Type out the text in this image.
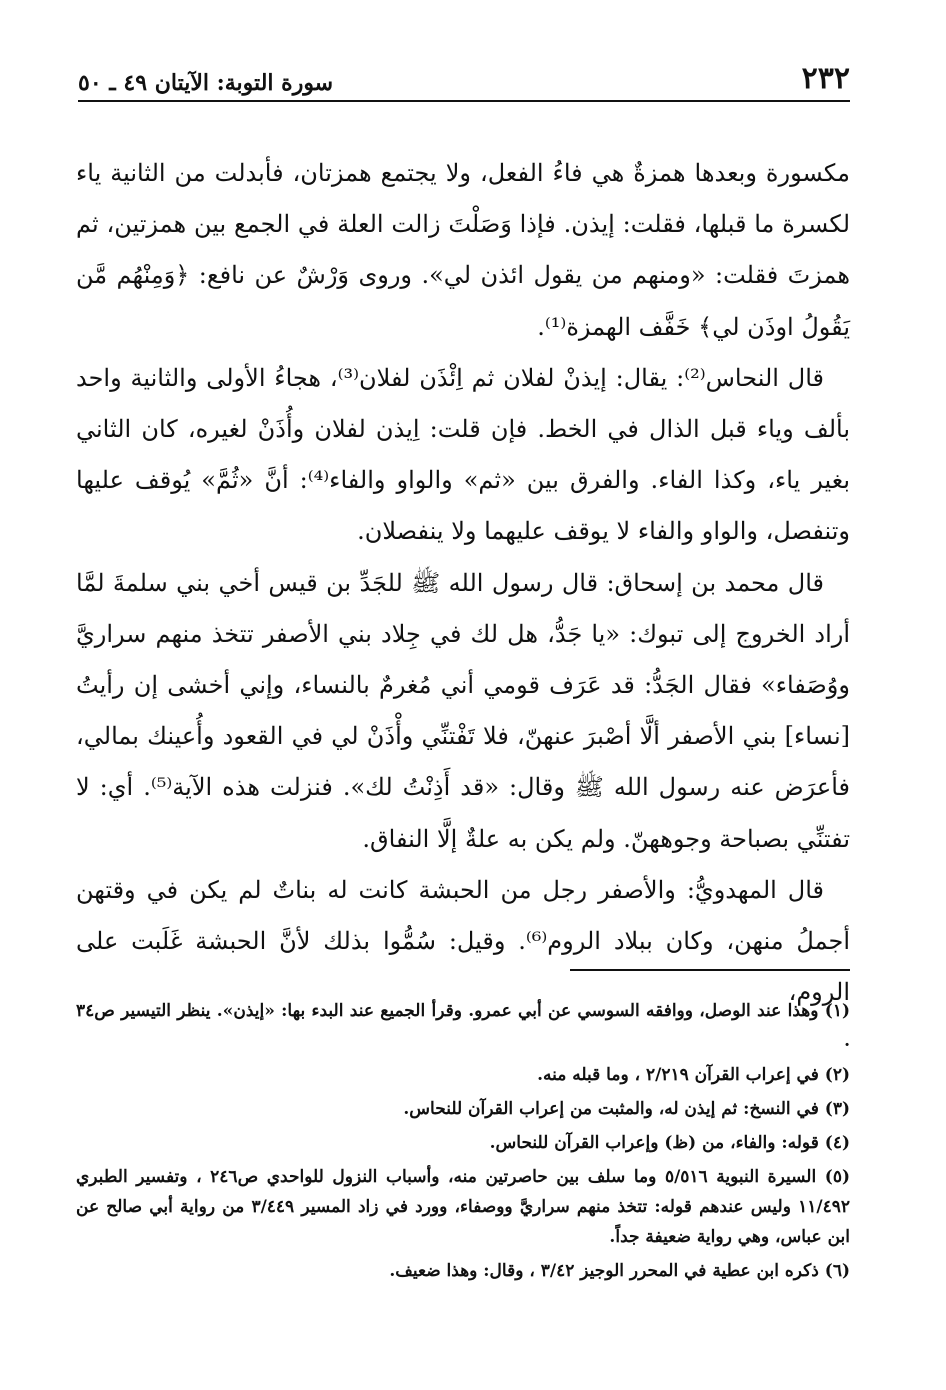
٢٣٢
سورة التوبة: الآيتان ٤٩ ـ ٥٠

مكسورة وبعدها همزةٌ هي فاءُ الفعل، ولا يجتمع همزتان، فأبدلت من الثانية ياء لكسرة ما قبلها، فقلت: إيذن. فإذا وَصَلْتَ زالت العلة في الجمع بين همزتين، ثم همزتَ فقلت: «ومنهم من يقول ائذن لي». وروى وَرْشٌ عن نافع: ﴿وَمِنْهُم مَّن يَقُولُ اوذَن لي﴾ خَفَّف الهمزة⁽¹⁾.

قال النحاس⁽²⁾: يقال: إيذنْ لفلان ثم اِئْذَن لفلان⁽³⁾، هجاءُ الأولى والثانية واحد بألف وياء قبل الذال في الخط. فإن قلت: اِيذن لفلان وأُذَنْ لغيره، كان الثاني بغير ياء، وكذا الفاء. والفرق بين «ثم» والواو والفاء⁽⁴⁾: أنَّ «ثُمَّ» يُوقف عليها وتنفصل، والواو والفاء لا يوقف عليهما ولا ينفصلان.

قال محمد بن إسحاق: قال رسول الله ﷺ للجَدِّ بن قيس أخي بني سلمةَ لمَّا أراد الخروج إلى تبوك: «يا جَدُّ، هل لك في جِلاد بني الأصفر تتخذ منهم سراريَّ ووُصَفاء» فقال الجَدُّ: قد عَرَف قومي أني مُغرمٌ بالنساء، وإني أخشى إن رأيتُ [نساء] بني الأصفر ألَّا أصْبرَ عنهنّ، فلا تَفْتنِّي وأْذَنْ لي في القعود وأُعينك بمالي، فأعرَض عنه رسول الله ﷺ وقال: «قد أَذِنْتُ لك». فنزلت هذه الآية⁽⁵⁾. أي: لا تفتنِّي بصباحة وجوههنّ. ولم يكن به علةٌ إلَّا النفاق.

قال المهدويُّ: والأصفر رجل من الحبشة كانت له بناتٌ لم يكن في وقتهن أجملُ منهن، وكان ببلاد الروم⁽⁶⁾. وقيل: سُمُّوا بذلك لأنَّ الحبشة غَلَبت على الروم،

(١) وهذا عند الوصل، ووافقه السوسي عن أبي عمرو. وقرأ الجميع عند البدء بها: «إيذن». ينظر التيسير ص٣٤ .

(٢) في إعراب القرآن ٢/٢١٩ ، وما قبله منه.

(٣) في النسخ: ثم إيذن له، والمثبت من إعراب القرآن للنحاس.

(٤) قوله: والفاء، من (ظ) وإعراب القرآن للنحاس.

(٥) السيرة النبوية ٥/٥١٦ وما سلف بين حاصرتين منه، وأسباب النزول للواحدي ص٢٤٦ ، وتفسير الطبري ١١/٤٩٢ وليس عندهم قوله: تتخذ منهم سراريَّ ووصفاء، وورد في زاد المسير ٣/٤٤٩ من رواية أبي صالح عن ابن عباس، وهي رواية ضعيفة جداً.

(٦) ذكره ابن عطية في المحرر الوجيز ٣/٤٢ ، وقال: وهذا ضعيف.
